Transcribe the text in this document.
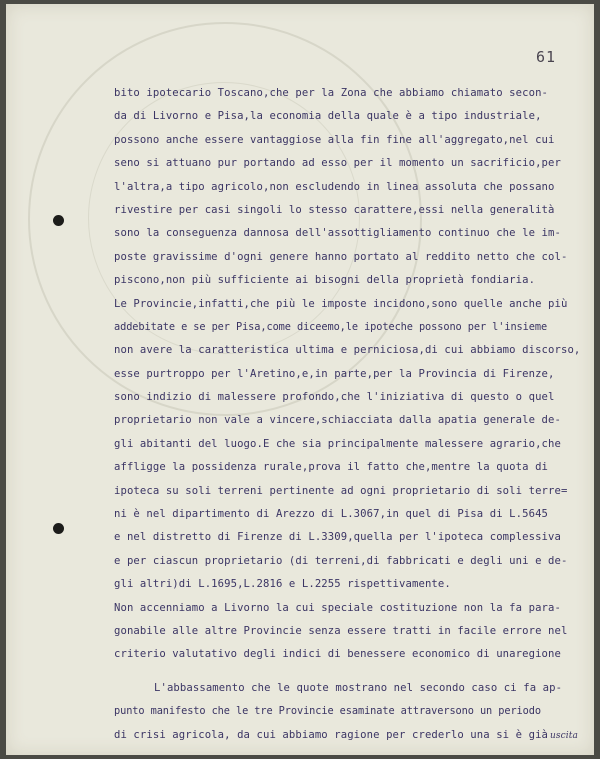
61
bito ipotecario Toscano,che per la Zona che abbiamo chiamato secon-
da di Livorno e Pisa,la economia della quale è a tipo industriale,
possono anche essere vantaggiose alla fin fine all'aggregato,nel cui
seno si attuano pur portando ad esso per il momento un sacrificio,per
l'altra,a tipo agricolo,non escludendo in linea assoluta che possano
rivestire per casi singoli lo stesso carattere,essi nella generalità
sono la conseguenza dannosa dell'assottigliamento continuo che le im-
poste gravissime d'ogni genere hanno portato al reddito netto che col-
piscono,non più sufficiente ai bisogni della proprietà fondiaria.
Le Provincie,infatti,che più le imposte incidono,sono quelle anche più
addebitate e se per Pisa,come diceemo,le ipoteche possono per l'insieme
non avere la caratteristica ultima e perniciosa,di cui abbiamo discorso,
esse purtroppo per l'Aretino,e,in parte,per la Provincia di Firenze,
sono indizio di malessere profondo,che l'iniziativa di questo o quel
proprietario non vale a vincere,schiacciata dalla apatia generale de-
gli abitanti del luogo.E che sia principalmente malessere agrario,che
affligge la possidenza rurale,prova il fatto che,mentre la quota di
ipoteca su soli terreni pertinente ad ogni proprietario di soli terre=
ni è nel dipartimento di Arezzo di L.3067,in quel di Pisa di L.5645
e nel distretto di Firenze di L.3309,quella per l'ipoteca complessiva
e per ciascun proprietario (di terreni,di fabbricati e degli uni e de-
gli altri)di L.1695,L.2816 e L.2255 rispettivamente.
Non accenniamo a Livorno la cui speciale costituzione non la fa para-
gonabile alle altre Provincie senza essere tratti in facile errore nel
criterio valutativo degli indici di benessere economico di unaregione
L'abbassamento che le quote mostrano nel secondo caso ci fa ap-
punto manifesto che le tre Provincie esaminate attraversono un periodo
di crisi agricola, da cui abbiamo ragione per crederlo una si è già uscita
